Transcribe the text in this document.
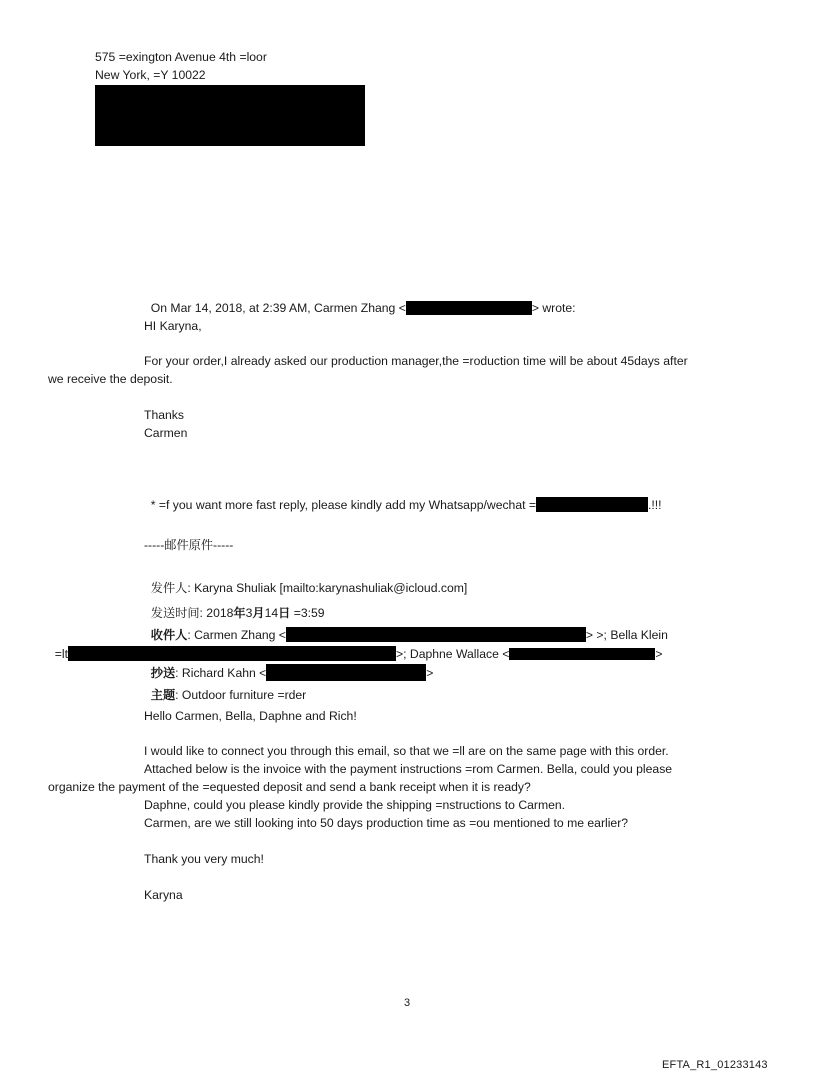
575 =exington Avenue 4th =loor
New York, =Y 10022

On Mar 14, 2018, at 2:39 AM, Carmen Zhang <	> wrote:

HI Karyna,
For your order,I already asked our production manager,the =roduction time will be about 45days after
we receive the deposit.
Thanks
Carmen

* =f you want more fast reply, please kindly add my Whatsapp/wechat =	.!!!

-----邮件原件-----

发件人: Karyna Shuliak [mailto:karynashuliak@icloud.com]

发送时间: 2018年3月14日 =3:59

收件人: Carmen Zhang <	> >; Bella Klein

=lt	>; Daphne Wallace <	>

抄送: Richard Kahn <	>

主题: Outdoor furniture =rder

Hello Carmen, Bella, Daphne and Rich!
I would like to connect you through this email, so that we =ll are on the same page with this order.
Attached below is the invoice with the payment instructions =rom Carmen. Bella, could you please
organize the payment of the =equested deposit and send a bank receipt when it is ready?
Daphne, could you please kindly provide the shipping =nstructions to Carmen.
Carmen, are we still looking into 50 days production time as =ou mentioned to me earlier?
Thank you very much!
Karyna
3
EFTA_R1_01233143
